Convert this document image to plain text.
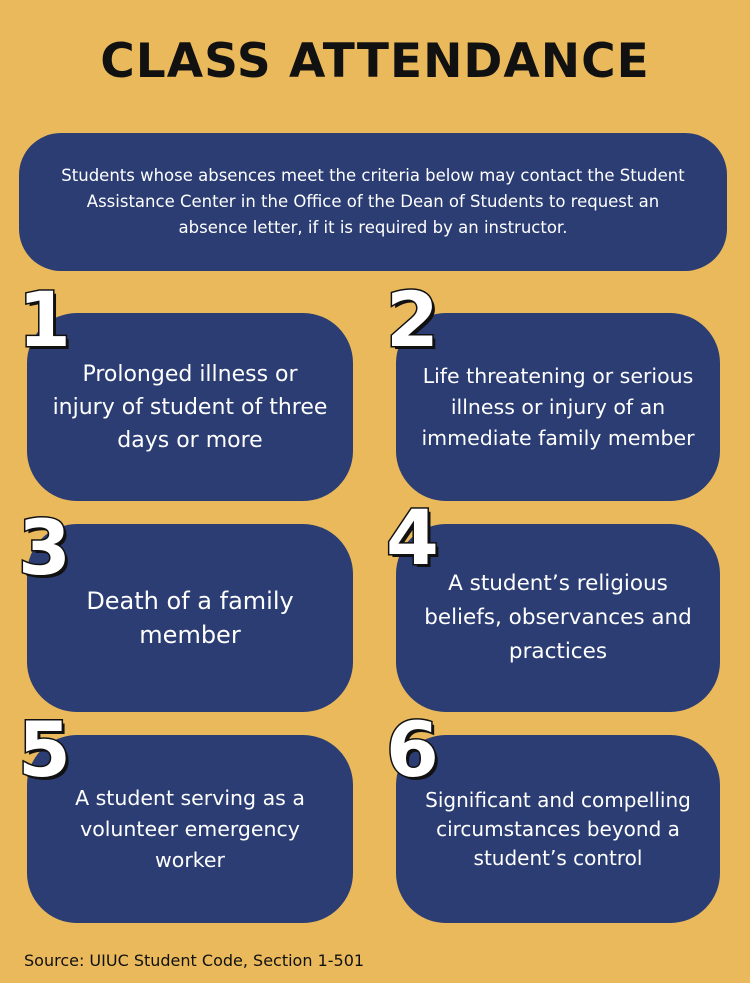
CLASS ATTENDANCE
Students whose absences meet the criteria below may contact the Student Assistance Center in the Office of the Dean of Students to request an absence letter, if it is required by an instructor.
Prolonged illness or injury of student of three days or more
1
Life threatening or serious illness or injury of an immediate family member
2
Death of a family member
3	A student’s religious beliefs, observances and practices
4
A student serving as a volunteer emergency worker
5
Significant and compelling circumstances beyond a student’s control
6
Source: UIUC Student Code, Section 1-501
